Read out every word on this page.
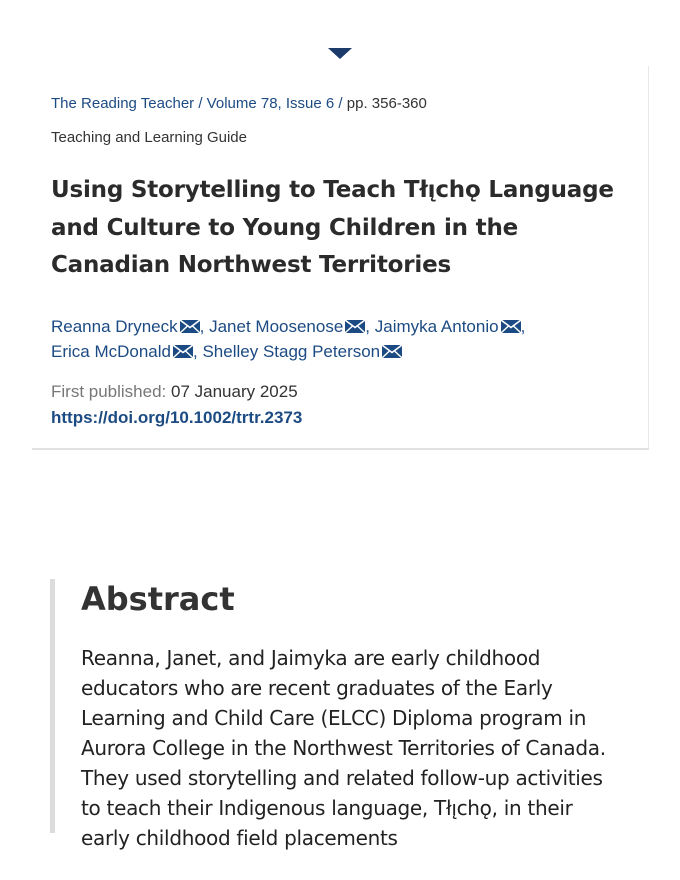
The Reading Teacher / Volume 78, Issue 6 / pp. 356-360
Teaching and Learning Guide
Using Storytelling to Teach Tłı̨chǫ Language and Culture to Young Children in the Canadian Northwest Territories
Reanna Dryneck , Janet Moosenose , Jaimyka Antonio ,
Erica McDonald , Shelley Stagg Peterson
First published: 07 January 2025
https://doi.org/10.1002/trtr.2373
Abstract

Reanna, Janet, and Jaimyka are early childhood educators who are recent graduates of the Early Learning and Child Care (ELCC) Diploma program in Aurora College in the Northwest Territories of Canada. They used storytelling and related follow-up activities to teach their Indigenous language, Tłı̨chǫ, in their early childhood field placements
